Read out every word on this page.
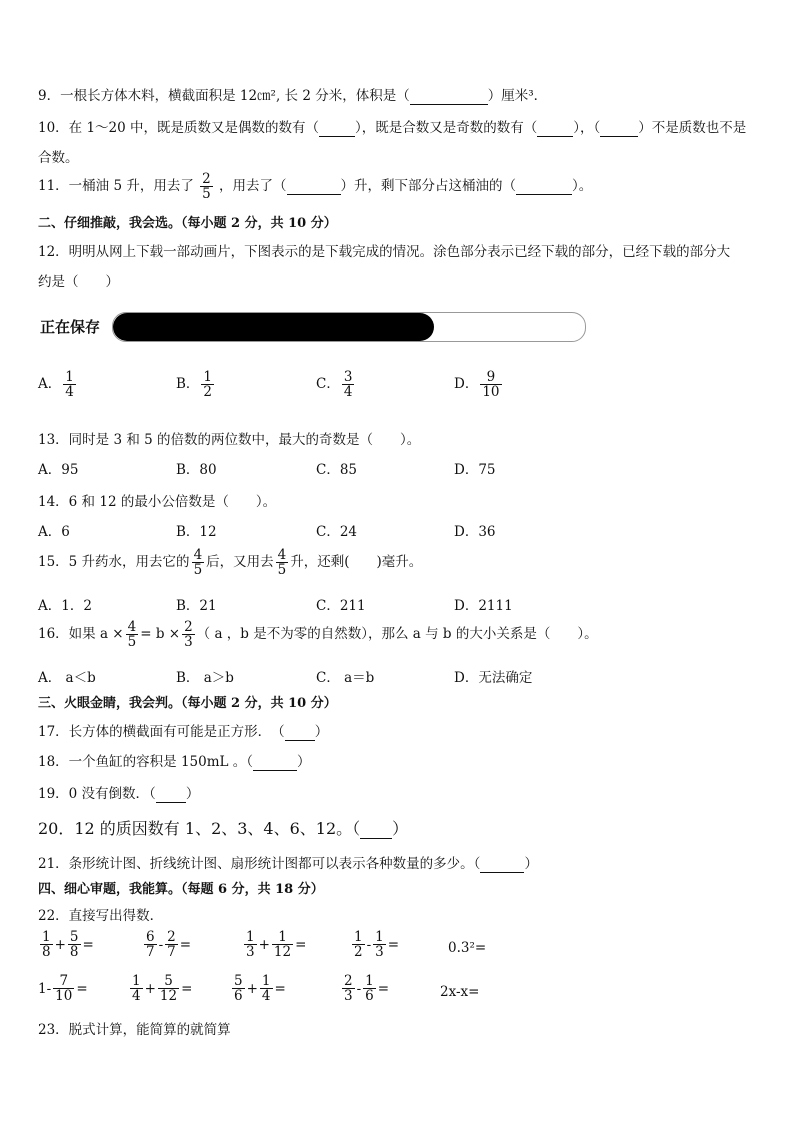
9．一根长方体木料，横截面积是 12㎝², 长 2 分米，体积是（	）厘米³．
10．在 1～20 中，既是质数又是偶数的数有（	），既是合数又是奇数的数有（	），（	）不是质数也不是
合数。
11．一桶油 5 升，用去了 $\frac{2}{5}$ ，用去了（	）升，剩下部分占这桶油的（	）。
二、仔细推敲，我会选。（每小题 2 分，共 10 分）
12．明明从网上下载一部动画片，下图表示的是下载完成的情况。涂色部分表示已经下载的部分，已经下载的部分大
约是（　　）
正在保存
A． $\frac{1}{4}$	B． $\frac{1}{2}$	C． $\frac{3}{4}$	D． $\frac{9}{10}$
13．同时是 3 和 5 的倍数的两位数中，最大的奇数是（　　）。
A．95	B．80	C．85	D．75
14．6 和 12 的最小公倍数是（　　）。
A．6	B．12	C．24	D．36
15．5 升药水，用去它的 $\frac{4}{5}$ 后，又用去 $\frac{4}{5}$ 升，还剩(　　)毫升。
A．1．2	B．21	C．211	D．2111
16．如果 $a \times \frac{4}{5} = b \times \frac{2}{3}$ （ a ，b 是不为零的自然数），那么 a 与 b 的大小关系是（　　）。
A． a＜b	B． a＞b	C． a＝b	D．无法确定
三、火眼金睛，我会判。（每小题 2 分，共 10 分）
17．长方体的横截面有可能是正方形．　（ ）
18．一个鱼缸的容积是 150mL 。（	）
19．0 没有倒数．（ ）
20．12 的质因数有 1、2、3、4、6、12。（ ）
21．条形统计图、折线统计图、扇形统计图都可以表示各种数量的多少。（	）
四、细心审题，我能算。（每题 6 分，共 18 分）
22．直接写出得数．
$\frac{1}{8} + \frac{5}{8}$ =	$\frac{6}{7} - \frac{2}{7}$ =	$\frac{1}{3} + \frac{1}{12}$ =	$\frac{1}{2} - \frac{1}{3}$ =	0.3²=
$1- \frac{7}{10}$ =	$\frac{1}{4} + \frac{5}{12}$ =	$\frac{5}{6} + \frac{1}{4}$ =	$\frac{2}{3} - \frac{1}{6}$ =	2x-x=
23．脱式计算，能简算的就简算
